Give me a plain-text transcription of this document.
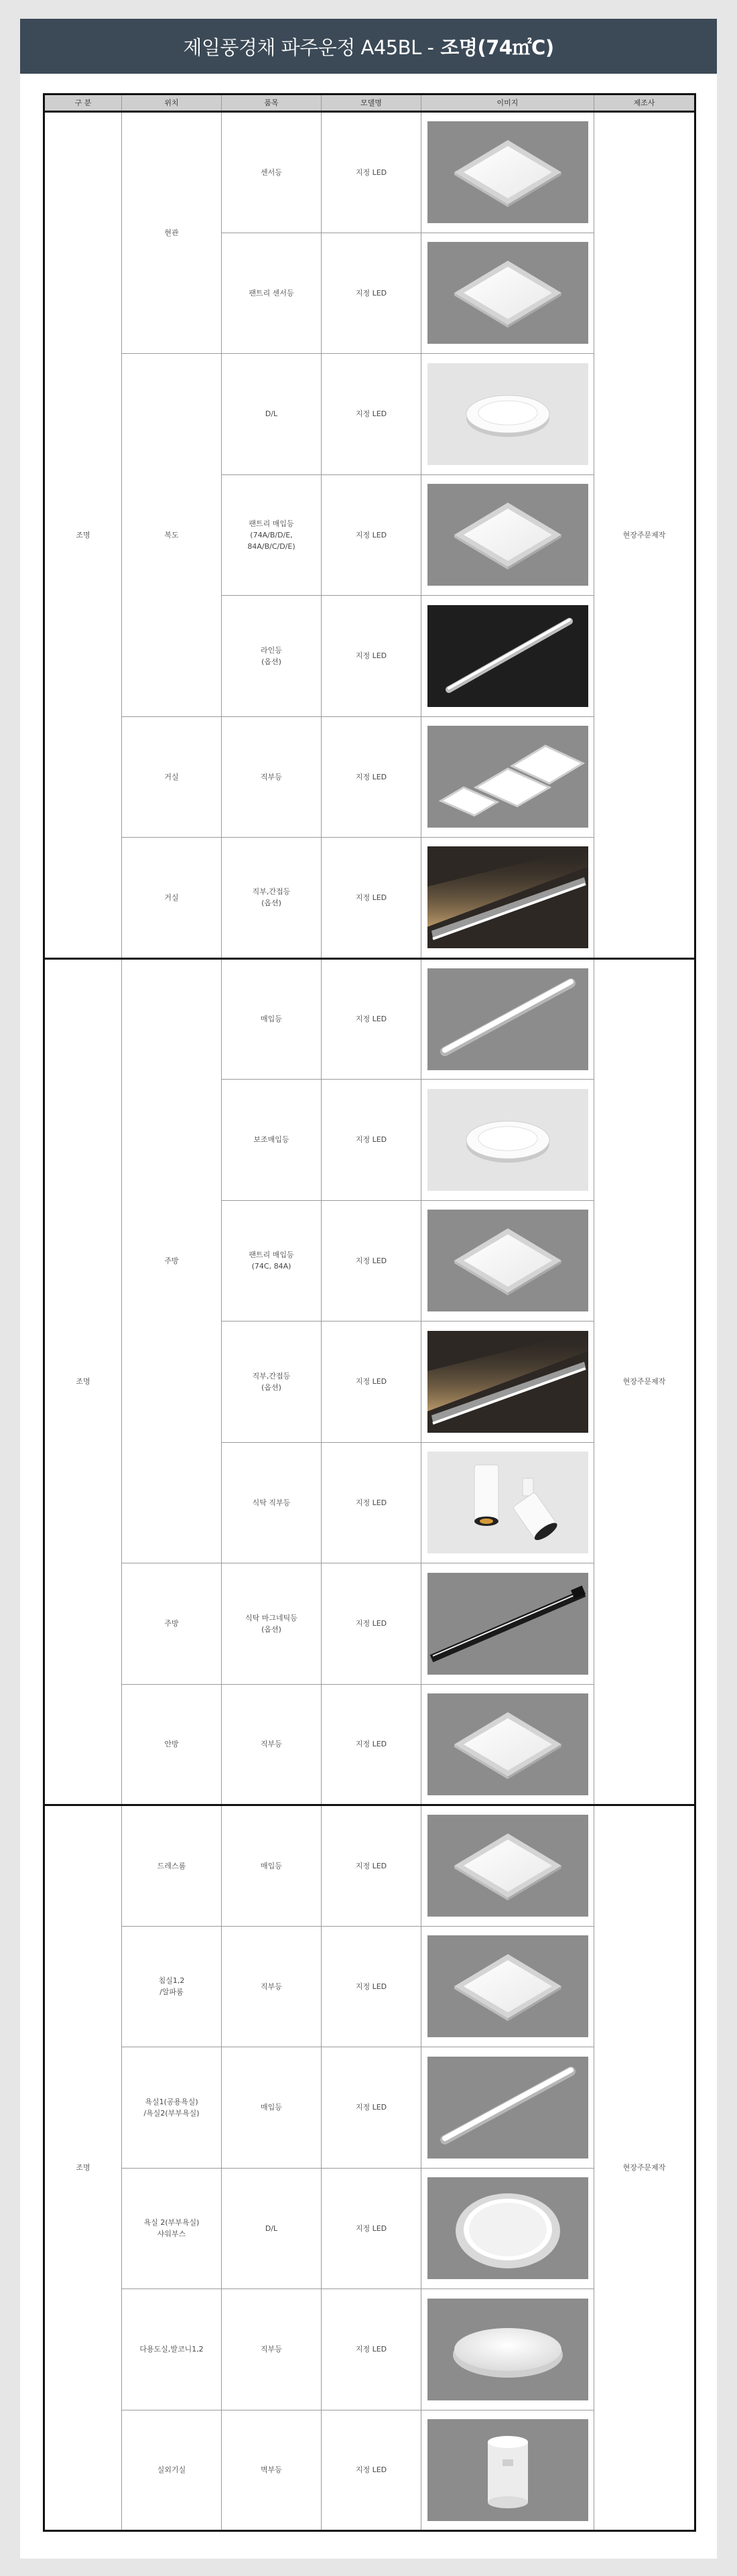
제일풍경채 파주운정 A45BL - 조명(74㎡C)
구 분	위치	품목	모델명	이미지	제조사
조명	현관	센서등	지정 LED		현장주문제작
		팬트리 센서등	지정 LED	

	복도	D/L	지정 LED	

		팬트리 매입등
(74A/B/D/E,
84A/B/C/D/E)	지정 LED	

		라인등
(옵션)	지정 LED	

	거실	직부등	지정 LED	

	거실	직부,간접등
(옵션)	지정 LED	

조명	주방	매입등	지정 LED		현장주문제작
		보조매입등	지정 LED	

		팬트리 매입등
(74C, 84A)	지정 LED	

		직부,간접등
(옵션)	지정 LED	

		식탁 직부등	지정 LED	

	주방	식탁 마그네틱등
(옵션)	지정 LED	

	안방	직부등	지정 LED	

조명	드레스룸	매입등	지정 LED		현장주문제작
	침실1,2
/알파룸	직부등	지정 LED	

	욕실1(공용욕실)
/욕실2(부부욕실)	매입등	지정 LED	

	욕실 2(부부욕실)
샤워부스	D/L	지정 LED	

	다용도실,발코니1,2	직부등	지정 LED	

	실외기실	벽부등	지정 LED	
